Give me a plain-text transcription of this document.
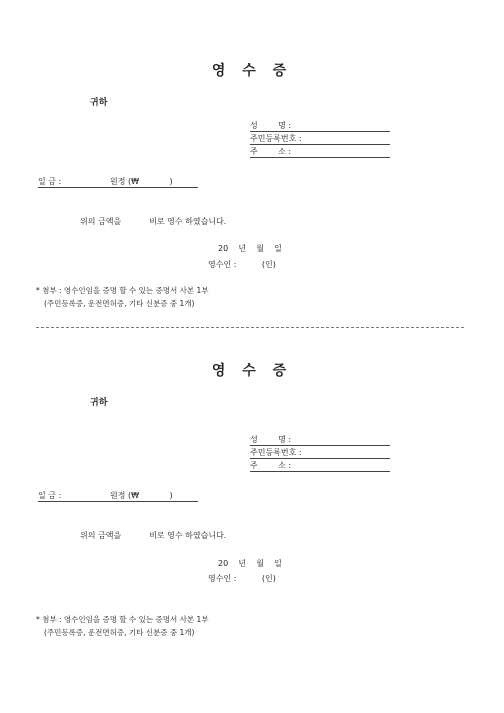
영 수 증
귀하
성        명 :
주민등록번호 :
주        소 :
일 금 :	원정 (₩            )
위의 금액을           비로 영수 하였습니다.
20    년    월    일
영수인 :          (인)
* 첨부 : 영수인임을 증명 할 수 있는 증명서 사본 1부
(주민등록증, 운전면허증, 기타 신분증 중 1개)
영 수 증
귀하
성        명 :
주민등록번호 :
주        소 :
일 금 :	원정 (₩            )
위의 금액을           비로 영수 하였습니다.
20    년    월    일
영수인 :          (인)
* 첨부 : 영수인임을 증명 할 수 있는 증명서 사본 1부
(주민등록증, 운전면허증, 기타 신분증 중 1개)
